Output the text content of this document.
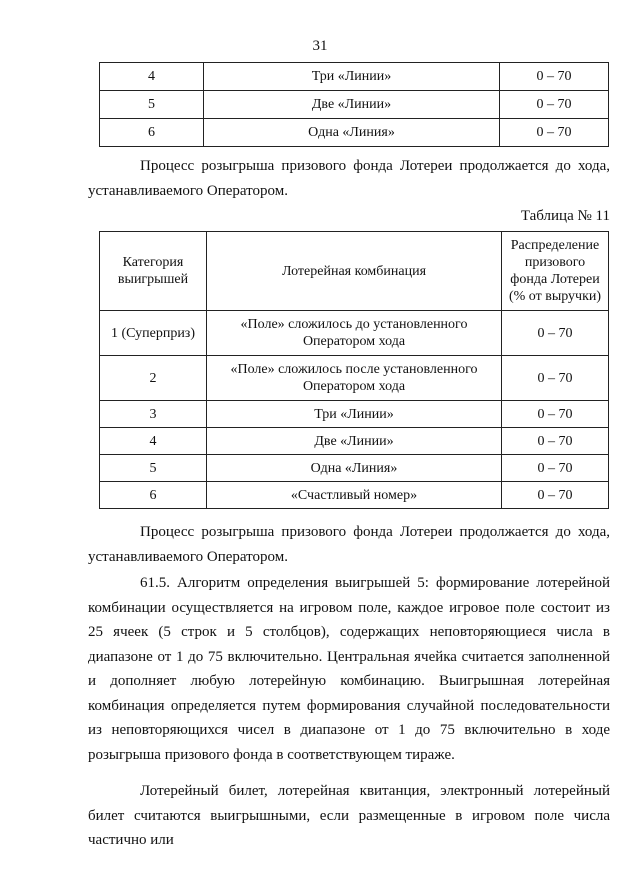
31
4	Три «Линии»	0 – 70
5	Две «Линии»	0 – 70
6	Одна «Линия»	0 – 70
Процесс розыгрыша призового фонда Лотереи продолжается до хода, устанавливаемого Оператором.
Таблица № 11
Категория выигрышей	Лотерейная комбинация	Распределение призового фонда Лотереи (% от выручки)
1 (Суперприз)	«Поле» сложилось до установленного Оператором хода	0 – 70
2	«Поле» сложилось после установленного Оператором хода	0 – 70
3	Три «Линии»	0 – 70
4	Две «Линии»	0 – 70
5	Одна «Линия»	0 – 70
6	«Счастливый номер»	0 – 70
Процесс розыгрыша призового фонда Лотереи продолжается до хода, устанавливаемого Оператором.
61.5. Алгоритм определения выигрышей 5: формирование лотерейной комбинации осуществляется на игровом поле, каждое игровое поле состоит из 25 ячеек (5 строк и 5 столбцов), содержащих неповторяющиеся числа в диапазоне от 1 до 75 включительно. Центральная ячейка считается заполненной и дополняет любую лотерейную комбинацию. Выигрышная лотерейная комбинация определяется путем формирования случайной последовательности из неповторяющихся чисел в диапазоне от 1 до 75 включительно в ходе розыгрыша призового фонда в соответствующем тираже.
Лотерейный билет, лотерейная квитанция, электронный лотерейный билет считаются выигрышными, если размещенные в игровом поле числа частично или
